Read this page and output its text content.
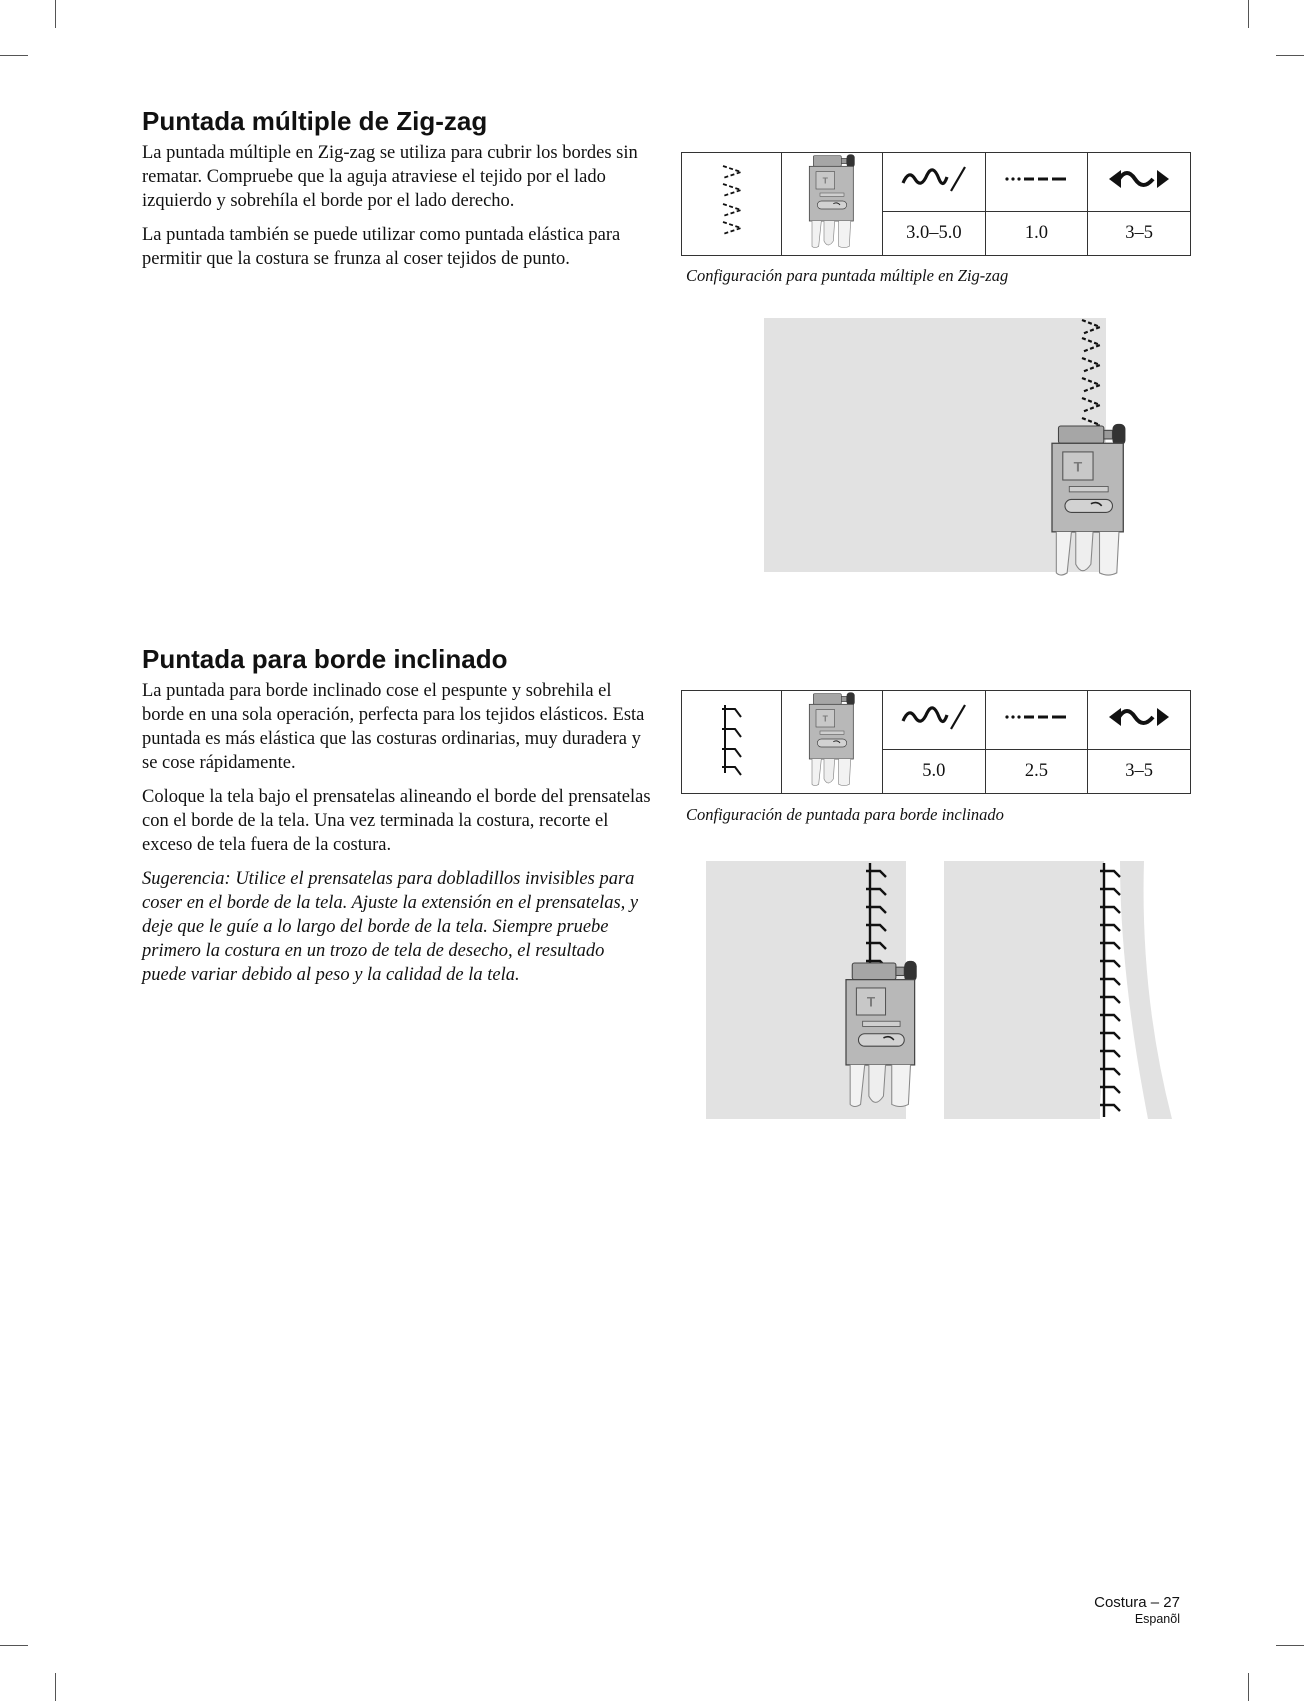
Puntada múltiple de Zig-zag

La puntada múltiple en Zig-zag se utiliza para cubrir los bordes sin rematar. Compruebe que la aguja atraviese el tejido por el lado izquierdo y sobrehíla el borde por el lado derecho.

La puntada también se puede utilizar como puntada elástica para permitir que la costura se frunza al coser tejidos de punto.

		3.0–5.0	1.0	3–5
Configuración para puntada múltiple en Zig-zag
Puntada para borde inclinado

La puntada para borde inclinado cose el pespunte y sobrehila el borde en una sola operación, perfecta para los tejidos elásticos. Esta puntada es más elástica que las costuras ordinarias, muy duradera y se cose rápidamente.

Coloque la tela bajo el prensatelas alineando el borde del prensatelas con el borde de la tela. Una vez terminada la costura, recorte el exceso de tela fuera de la costura.

Sugerencia: Utilice el prensatelas para dobladillos invisibles para coser en el borde de la tela. Ajuste la extensión en el prensatelas, y deje que le guíe a lo largo del borde de la tela. Siempre pruebe primero la costura en un trozo de tela de desecho, el resultado puede variar debido al peso y la calidad de la tela.

		5.0	2.5	3–5
Configuración de puntada para borde inclinado
Costura – 27
Espanõl
